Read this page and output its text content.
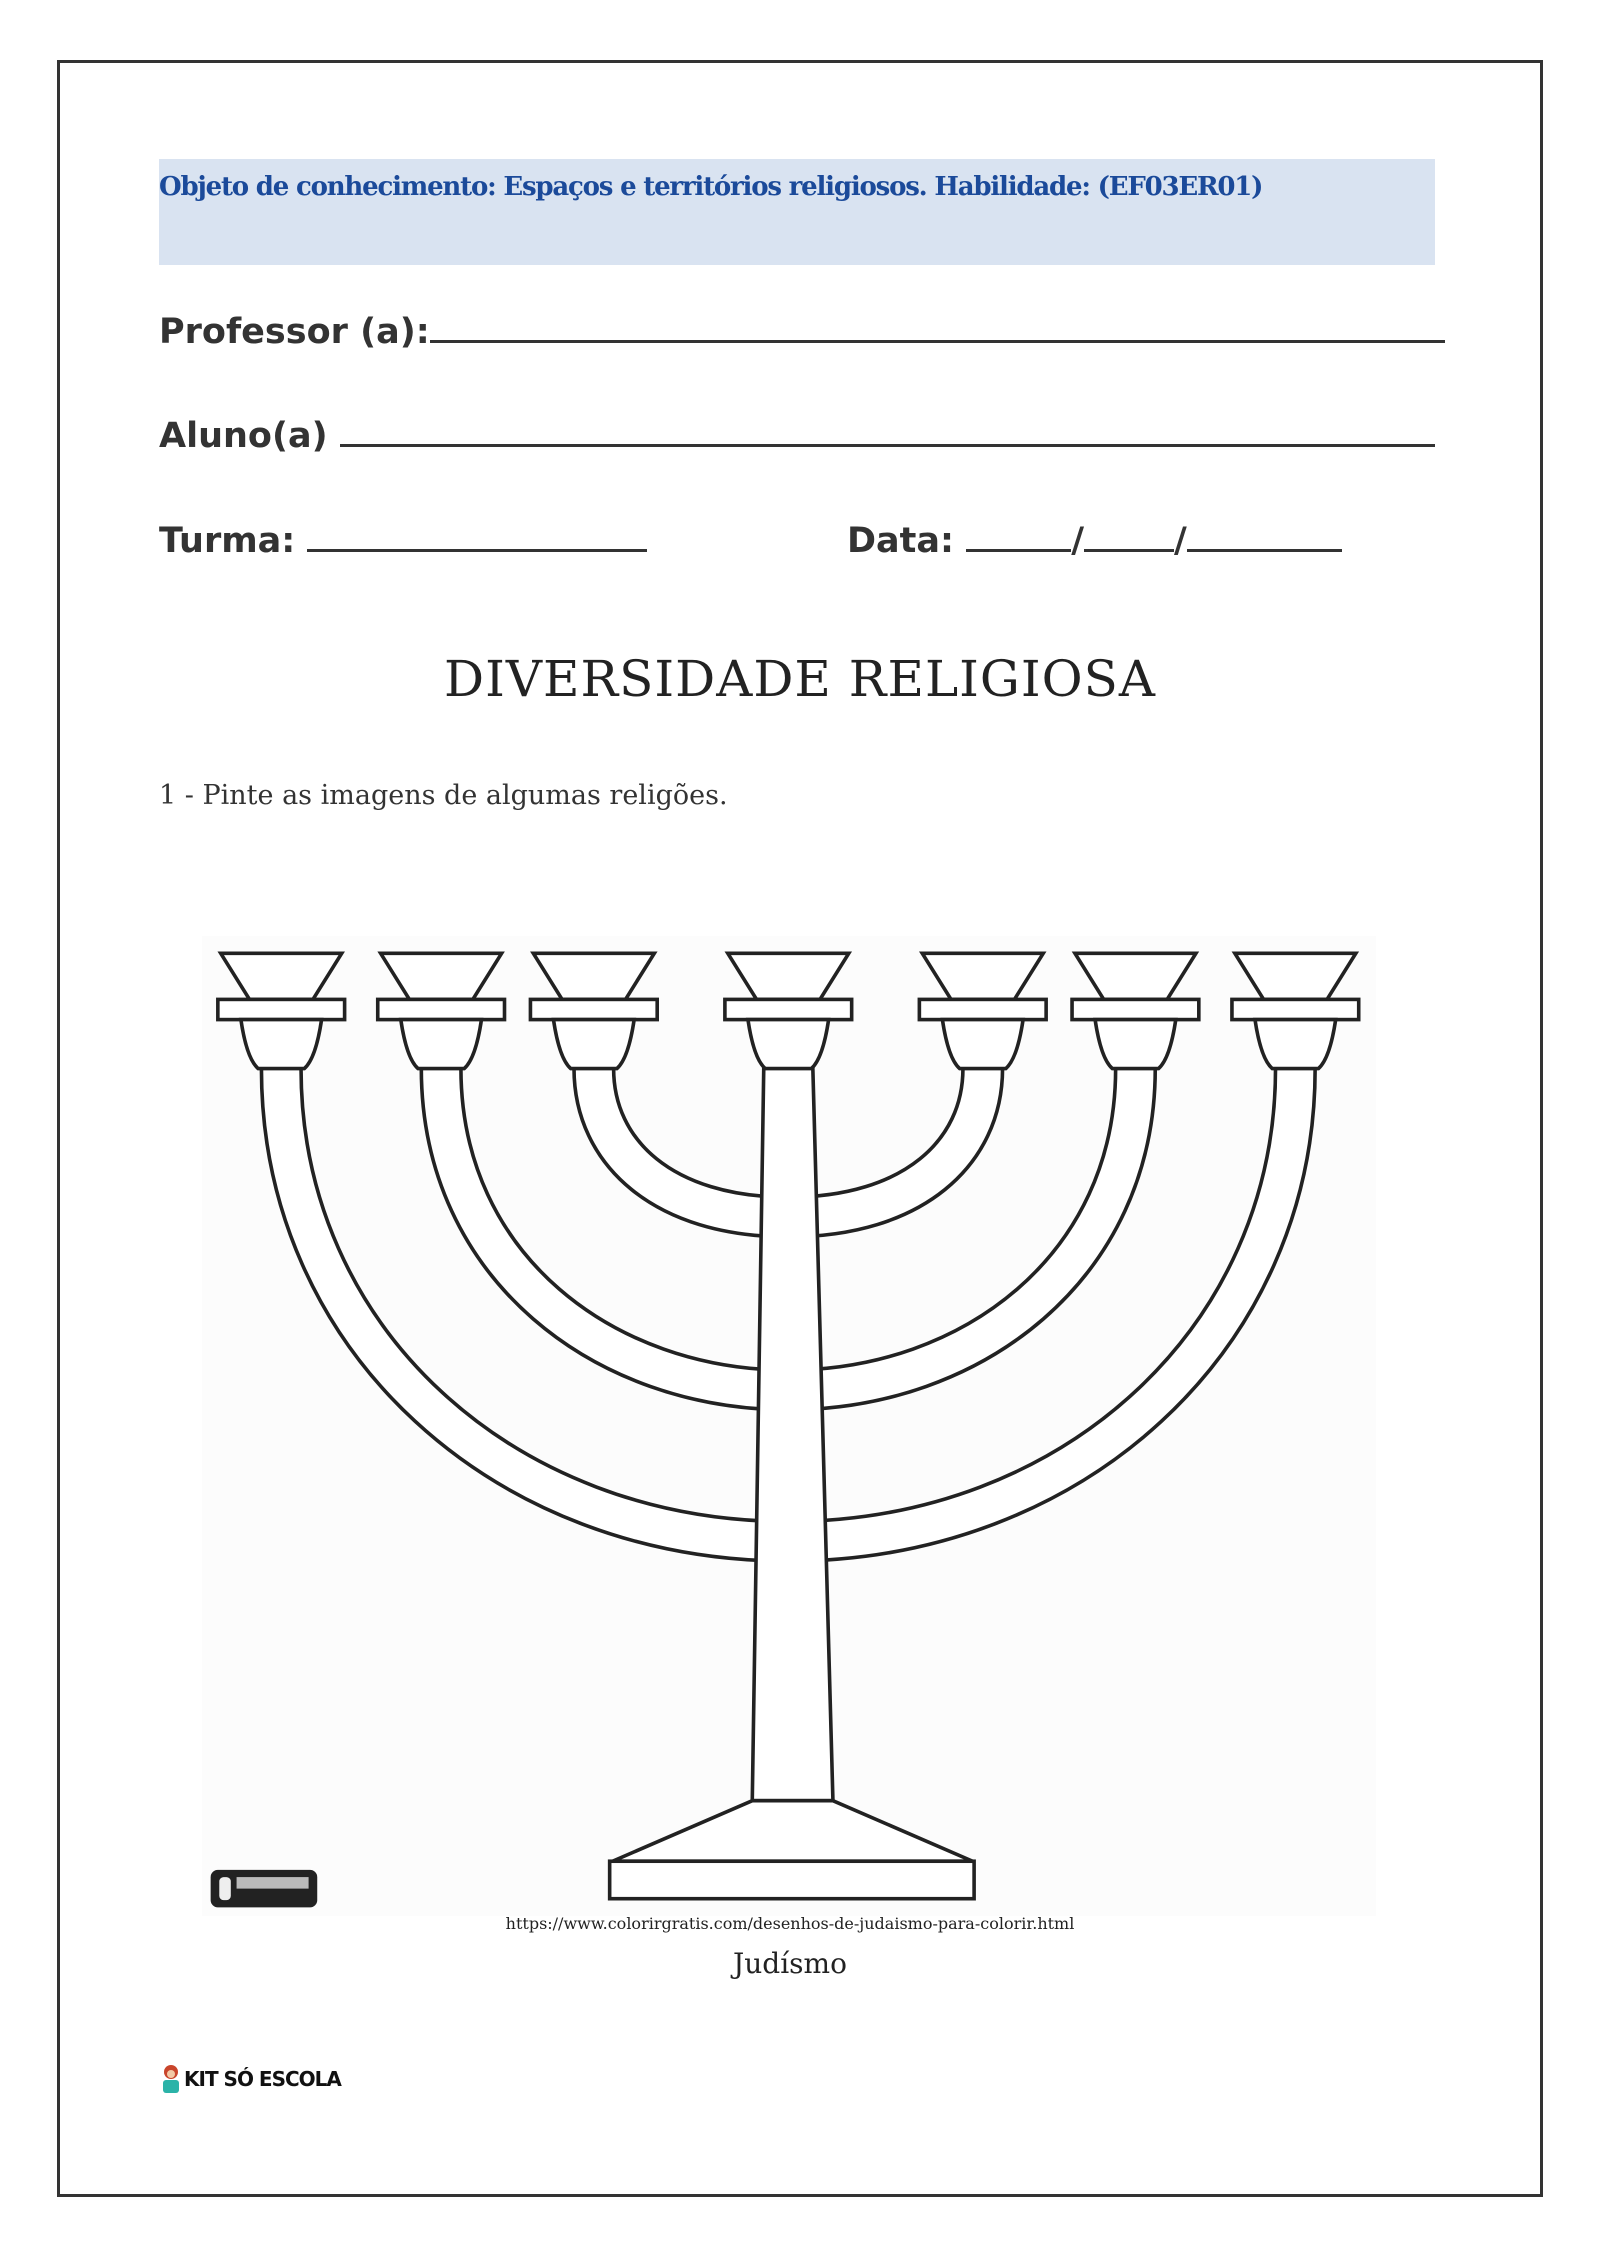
Objeto de conhecimento: Espaços e territórios religiosos. Habilidade: (EF03ER01)
Professor (a):
Aluno(a)
Turma:	Data:	/	/
DIVERSIDADE RELIGIOSA
1 - Pinte as imagens de algumas religões.
https://www.colorirgratis.com/desenhos-de-judaismo-para-colorir.html
Judísmo
KIT SÓ ESCOLA
